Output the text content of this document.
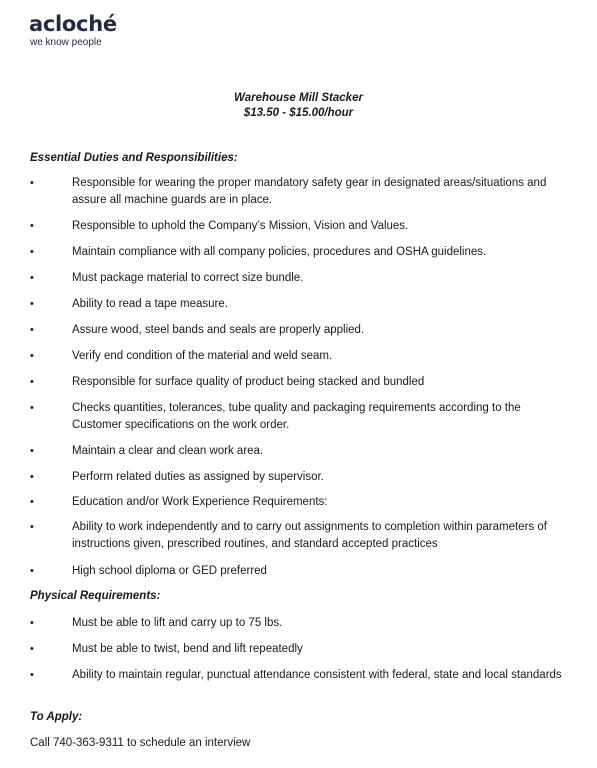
acloché
we know people
Warehouse Mill Stacker
$13.50 - $15.00/hour
Essential Duties and Responsibilities:
•	Responsible for wearing the proper mandatory safety gear in designated areas/situations and assure all machine guards are in place.
•	Responsible to uphold the Company’s Mission, Vision and Values.
•	Maintain compliance with all company policies, procedures and OSHA guidelines.
•	Must package material to correct size bundle.
•	Ability to read a tape measure.
•	Assure wood, steel bands and seals are properly applied.
•	Verify end condition of the material and weld seam.
•	Responsible for surface quality of product being stacked and bundled
•	Checks quantities, tolerances, tube quality and packaging requirements according to the Customer specifications on the work order.
•	Maintain a clear and clean work area.
•	Perform related duties as assigned by supervisor.
•	Education and/or Work Experience Requirements:
•	Ability to work independently and to carry out assignments to completion within parameters of instructions given, prescribed routines, and standard accepted practices
•	High school diploma or GED preferred
Physical Requirements:
•	Must be able to lift and carry up to 75 lbs.
•	Must be able to twist, bend and lift repeatedly
•	Ability to maintain regular, punctual attendance consistent with federal, state and local standards
To Apply:
Call 740-363-9311 to schedule an interview
